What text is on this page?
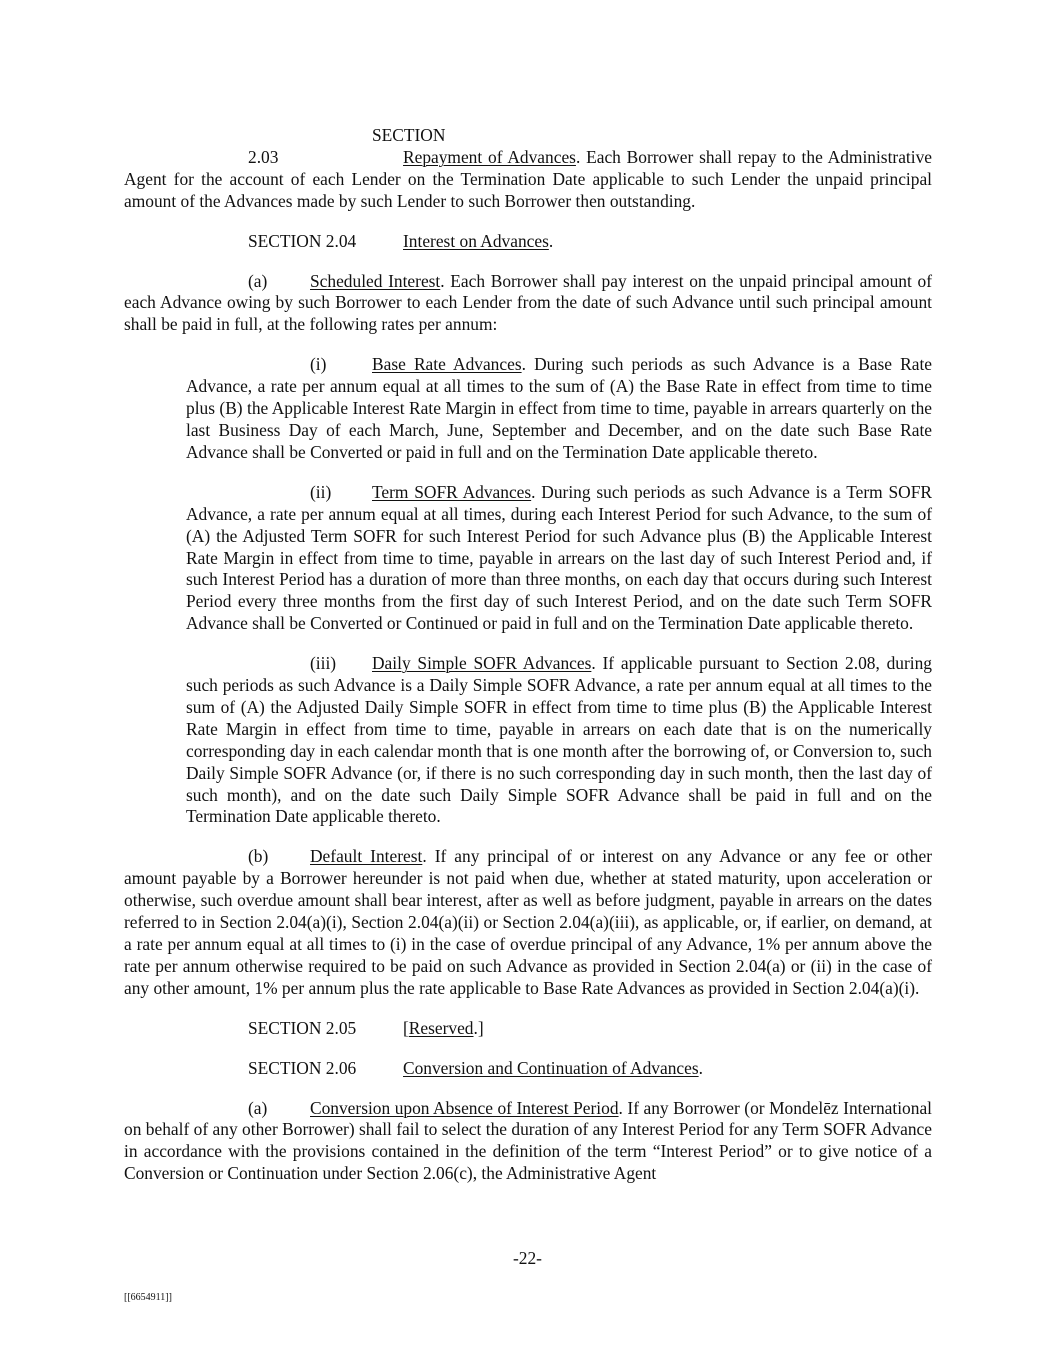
SECTION 2.03	Repayment of Advances. Each Borrower shall repay to the Administrative Agent for the account of each Lender on the Termination Date applicable to such Lender the unpaid principal amount of the Advances made by such Lender to such Borrower then outstanding.

SECTION 2.04	Interest on Advances.

(a) Scheduled Interest. Each Borrower shall pay interest on the unpaid principal amount of each Advance owing by such Borrower to each Lender from the date of such Advance until such principal amount shall be paid in full, at the following rates per annum:

(i)	Base Rate Advances. During such periods as such Advance is a Base Rate Advance, a rate per annum equal at all times to the sum of (A) the Base Rate in effect from time to time plus (B) the Applicable Interest Rate Margin in effect from time to time, payable in arrears quarterly on the last Business Day of each March, June, September and December, and on the date such Base Rate Advance shall be Converted or paid in full and on the Termination Date applicable thereto.

(ii) Term SOFR Advances. During such periods as such Advance is a Term SOFR Advance, a rate per annum equal at all times, during each Interest Period for such Advance, to the sum of (A) the Adjusted Term SOFR for such Interest Period for such Advance plus (B) the Applicable Interest Rate Margin in effect from time to time, payable in arrears on the last day of such Interest Period and, if such Interest Period has a duration of more than three months, on each day that occurs during such Interest Period every three months from the first day of such Interest Period, and on the date such Term SOFR Advance shall be Converted or Continued or paid in full and on the Termination Date applicable thereto.

(iii) Daily Simple SOFR Advances. If applicable pursuant to Section 2.08, during such periods as such Advance is a Daily Simple SOFR Advance, a rate per annum equal at all times to the sum of (A) the Adjusted Daily Simple SOFR in effect from time to time plus (B) the Applicable Interest Rate Margin in effect from time to time, payable in arrears on each date that is on the numerically corresponding day in each calendar month that is one month after the borrowing of, or Conversion to, such Daily Simple SOFR Advance (or, if there is no such corresponding day in such month, then the last day of such month), and on the date such Daily Simple SOFR Advance shall be paid in full and on the Termination Date applicable thereto.

(b) Default Interest. If any principal of or interest on any Advance or any fee or other amount payable by a Borrower hereunder is not paid when due, whether at stated maturity, upon acceleration or otherwise, such overdue amount shall bear interest, after as well as before judgment, payable in arrears on the dates referred to in Section 2.04(a)(i), Section 2.04(a)(ii) or Section 2.04(a)(iii), as applicable, or, if earlier, on demand, at a rate per annum equal at all times to (i) in the case of overdue principal of any Advance, 1% per annum above the rate per annum otherwise required to be paid on such Advance as provided in Section 2.04(a) or (ii) in the case of any other amount, 1% per annum plus the rate applicable to Base Rate Advances as provided in Section 2.04(a)(i).

SECTION 2.05	[Reserved.]

SECTION 2.06	Conversion and Continuation of Advances.

(a) Conversion upon Absence of Interest Period. If any Borrower (or Mondelēz International on behalf of any other Borrower) shall fail to select the duration of any Interest Period for any Term SOFR Advance in accordance with the provisions contained in the definition of the term “Interest Period” or to give notice of a Conversion or Continuation under Section 2.06(c), the Administrative Agent

-22-
[[6654911]]
